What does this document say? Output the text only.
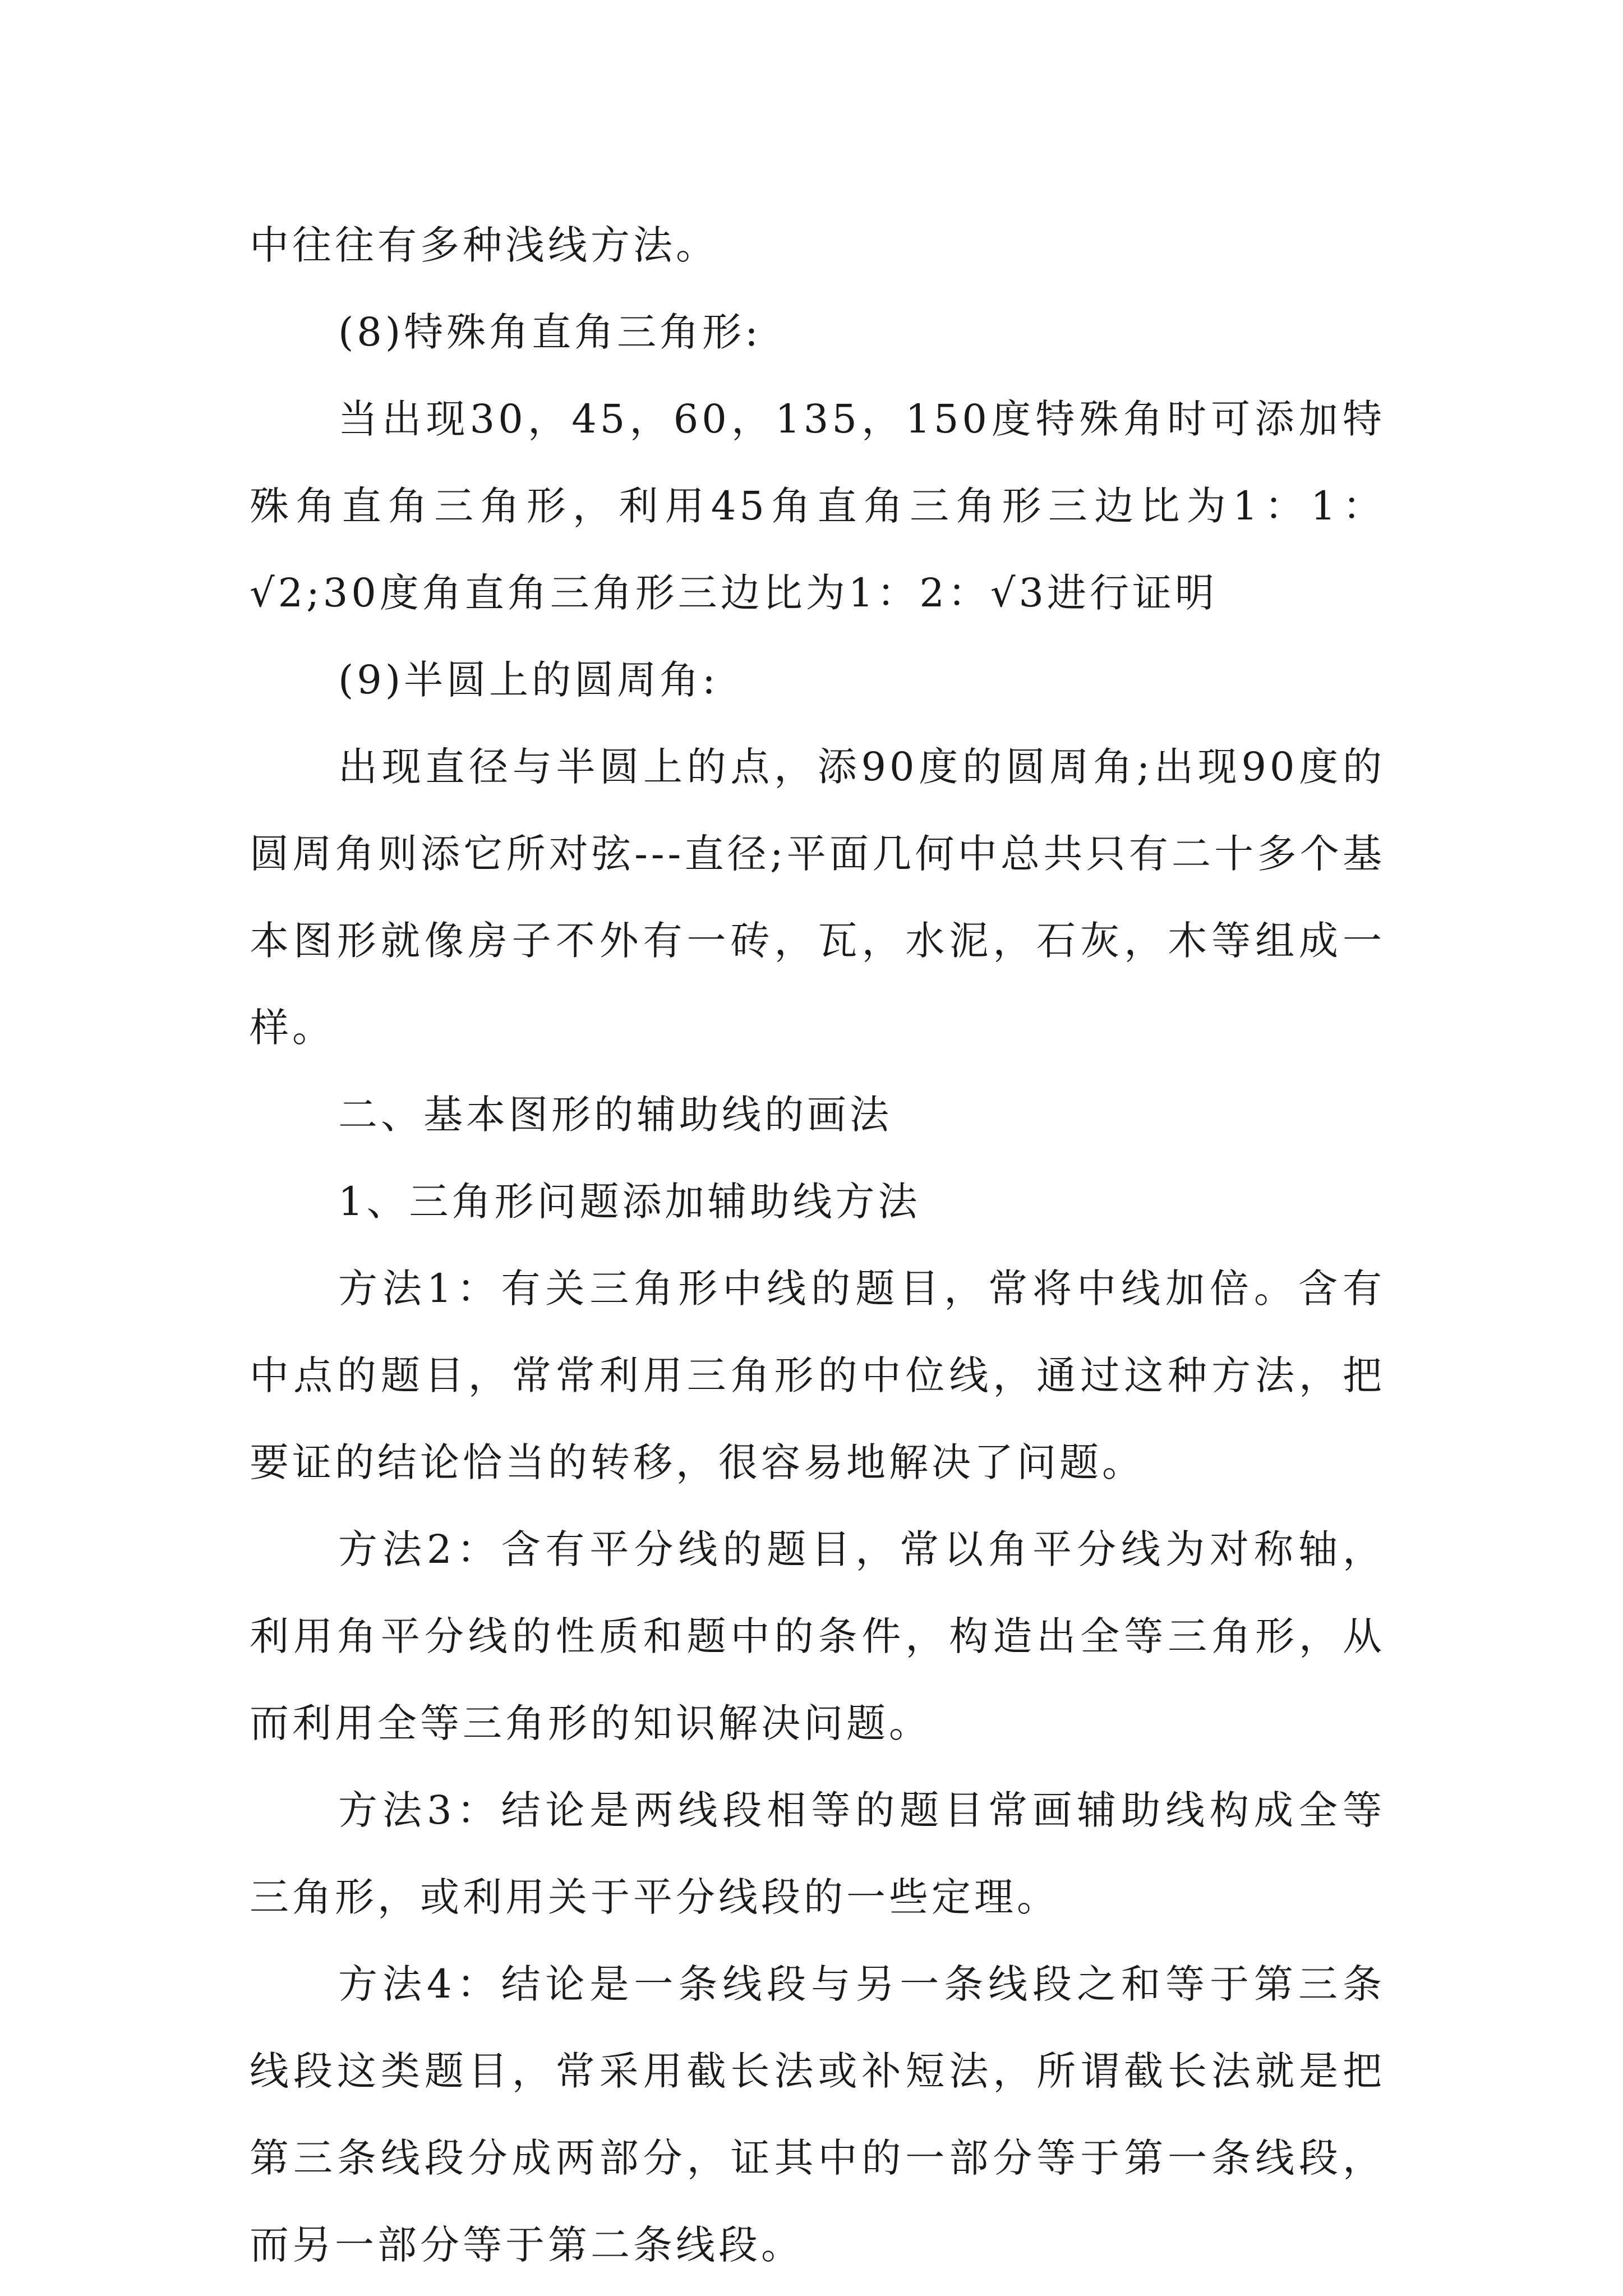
中往往有多种浅线方法。

(8)特殊角直角三角形:

当出现30，45，60，135，150度特殊角时可添加特殊角直角三角形，利用45角直角三角形三边比为1：1：√2;30度角直角三角形三边比为1：2：√3进行证明

(9)半圆上的圆周角:

出现直径与半圆上的点，添90度的圆周角;出现90度的圆周角则添它所对弦---直径;平面几何中总共只有二十多个基本图形就像房子不外有一砖，瓦，水泥，石灰，木等组成一样。

二、基本图形的辅助线的画法

1、三角形问题添加辅助线方法

方法1：有关三角形中线的题目，常将中线加倍。含有中点的题目，常常利用三角形的中位线，通过这种方法，把要证的结论恰当的转移，很容易地解决了问题。

方法2：含有平分线的题目，常以角平分线为对称轴，利用角平分线的性质和题中的条件，构造出全等三角形，从而利用全等三角形的知识解决问题。

方法3：结论是两线段相等的题目常画辅助线构成全等三角形，或利用关于平分线段的一些定理。

方法4：结论是一条线段与另一条线段之和等于第三条线段这类题目，常采用截长法或补短法，所谓截长法就是把第三条线段分成两部分，证其中的一部分等于第一条线段，而另一部分等于第二条线段。
